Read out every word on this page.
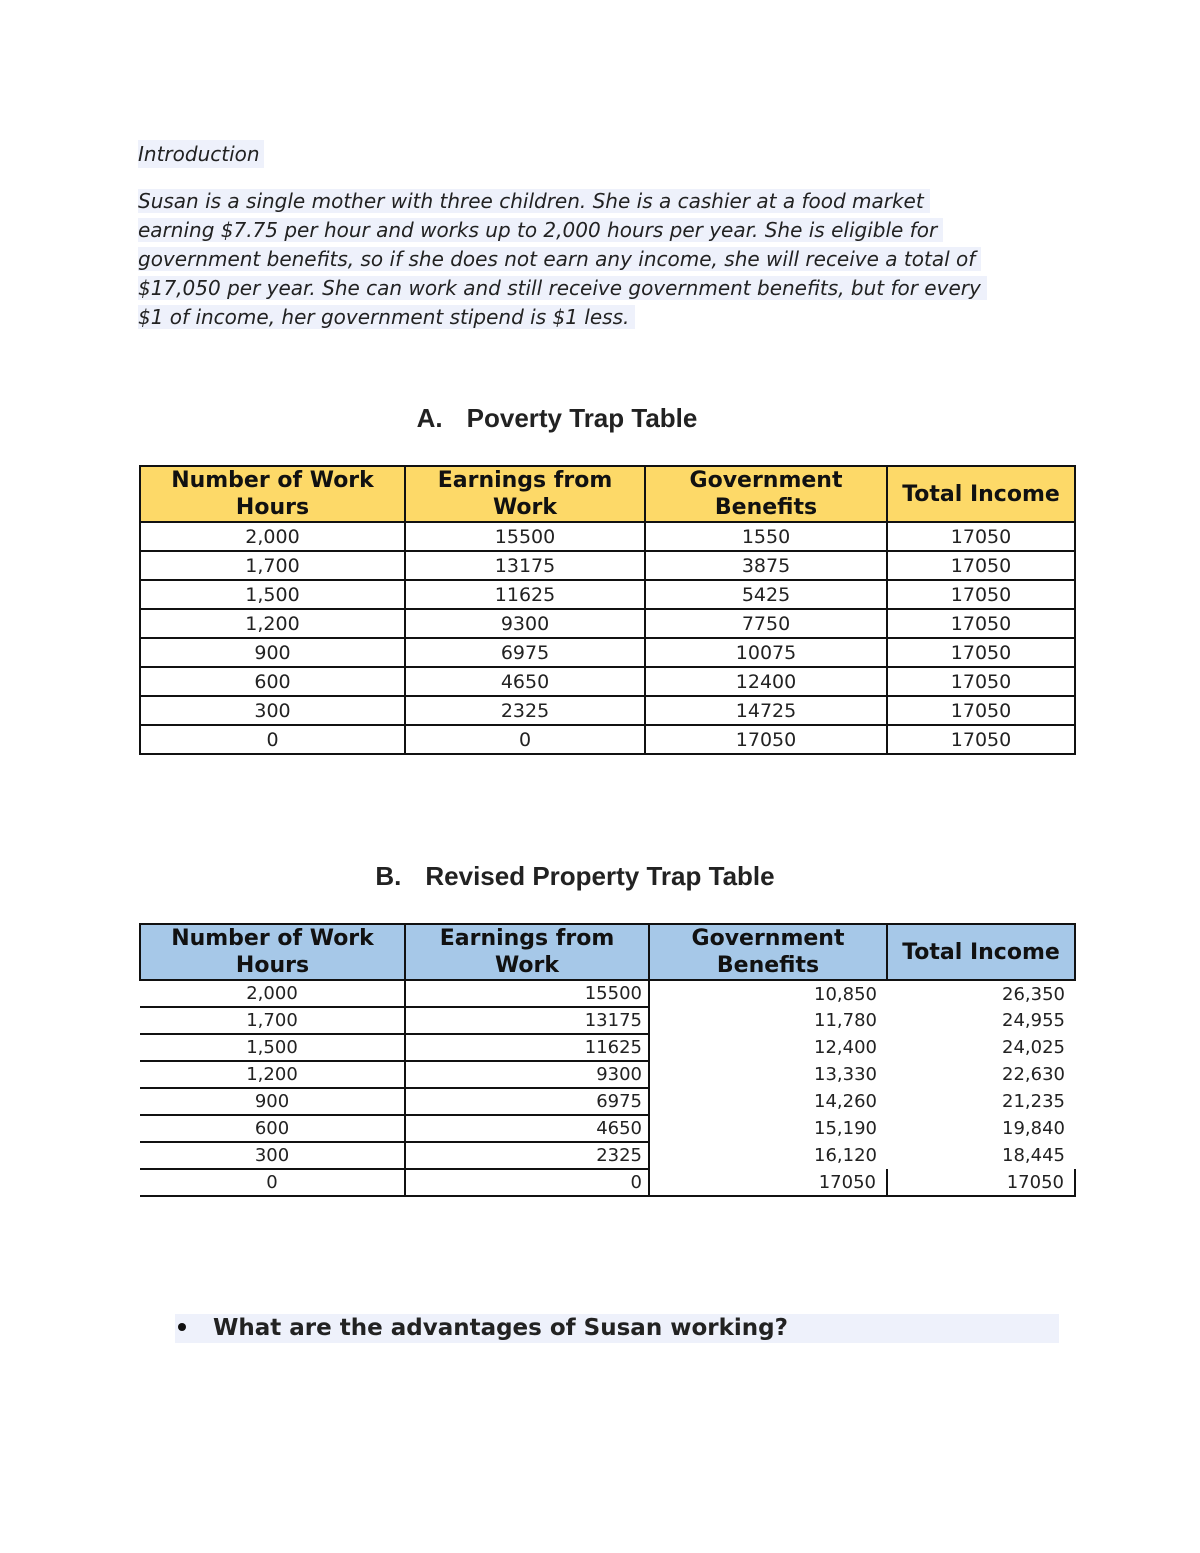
Introduction

Susan is a single mother with three children. She is a cashier at a food market
earning $7.75 per hour and works up to 2,000 hours per year. She is eligible for
government benefits, so if she does not earn any income, she will receive a total of
$17,050 per year. She can work and still receive government benefits, but for every
$1 of income, her government stipend is $1 less.

A. Poverty Trap Table
Number of Work Hours	Earnings from Work	Government Benefits	Total Income
2,000	15500	1550	17050
1,700	13175	3875	17050
1,500	11625	5425	17050
1,200	9300	7750	17050
900	6975	10075	17050
600	4650	12400	17050
300	2325	14725	17050
0	0	17050	17050
B. Revised Property Trap Table
Number of Work Hours	Earnings from Work	Government Benefits	Total Income
2,000	15500	10,850	26,350
1,700	13175	11,780	24,955
1,500	11625	12,400	24,025
1,200	9300	13,330	22,630
900	6975	14,260	21,235
600	4650	15,190	19,840
300	2325	16,120	18,445
0	0	17050	17050
What are the advantages of Susan working?
